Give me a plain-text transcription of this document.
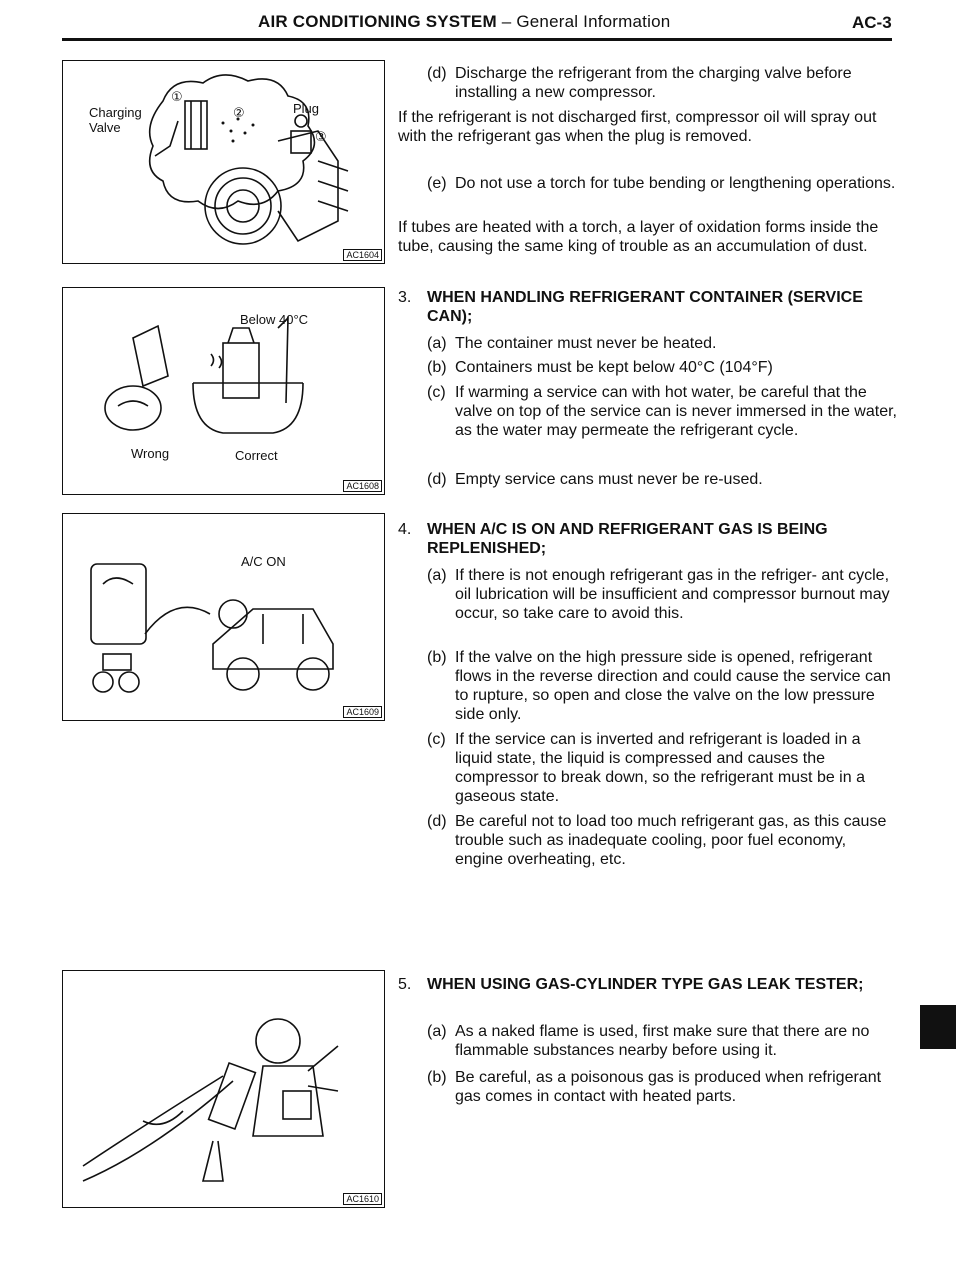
AIR CONDITIONING SYSTEM – General Information	AC-3
Charging
Valve
Plug
①
②
③
AC1604
Below 40°C
Wrong	Correct
AC1608
A/C ON
AC1609
AC1610
(d) Discharge the refrigerant from the charging valve before installing a new compressor.
If the refrigerant is not discharged first, compressor oil will spray out with the refrigerant gas when the plug is removed.
(e) Do not use a torch for tube bending or lengthening operations.
If tubes are heated with a torch, a layer of oxidation forms inside the tube, causing the same king of trouble as an accumulation of dust.
3. WHEN HANDLING REFRIGERANT CONTAINER (SERVICE CAN);
(a) The container must never be heated.
(b) Containers must be kept below 40°C (104°F)
(c) If warming a service can with hot water, be careful that the valve on top of the service can is never immersed in the water, as the water may permeate the refrigerant cycle.
(d) Empty service cans must never be re-used.
4. WHEN A/C IS ON AND REFRIGERANT GAS IS BEING REPLENISHED;
(a) If there is not enough refrigerant gas in the refriger- ant cycle, oil lubrication will be insufficient and compressor burnout may occur, so take care to avoid this.
(b) If the valve on the high pressure side is opened, refrigerant flows in the reverse direction and could cause the service can to rupture, so open and close the valve on the low pressure side only.
(c) If the service can is inverted and refrigerant is loaded in a liquid state, the liquid is compressed and causes the compressor to break down, so the refrigerant must be in a gaseous state.
(d) Be careful not to load too much refrigerant gas, as this cause trouble such as inadequate cooling, poor fuel economy, engine overheating, etc.
5. WHEN USING GAS-CYLINDER TYPE GAS LEAK TESTER;
(a) As a naked flame is used, first make sure that there are no flammable substances nearby before using it.
(b) Be careful, as a poisonous gas is produced when refrigerant gas comes in contact with heated parts.
